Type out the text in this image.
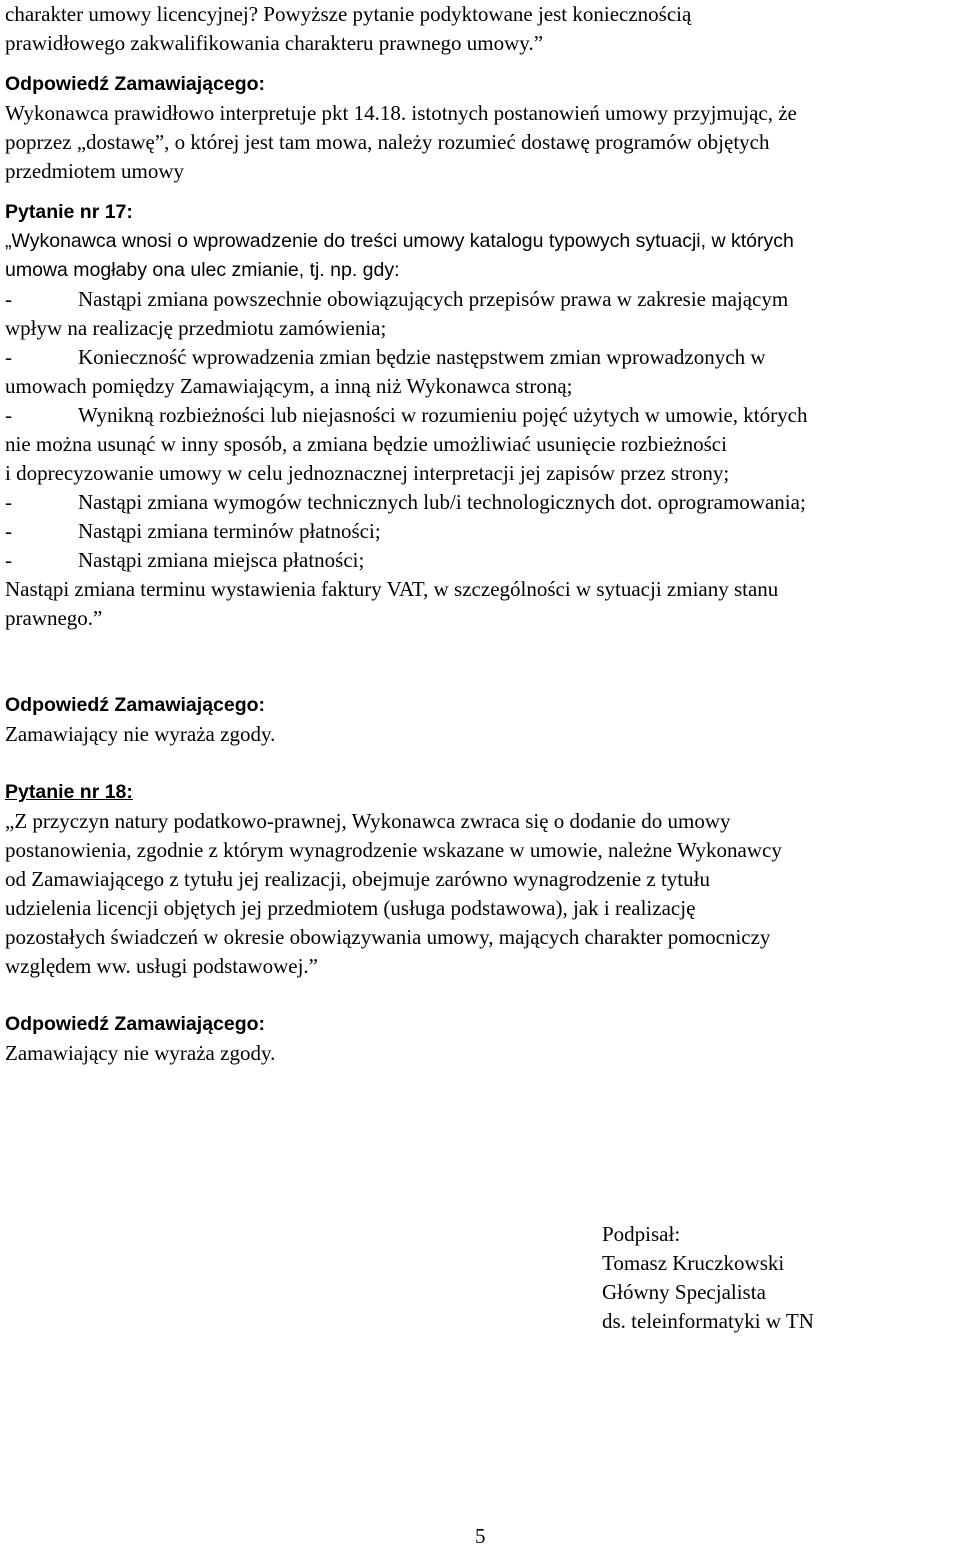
charakter umowy licencyjnej? Powyższe pytanie podyktowane jest koniecznością
prawidłowego zakwalifikowania charakteru prawnego umowy.”
Odpowiedź Zamawiającego:
Wykonawca prawidłowo interpretuje pkt 14.18. istotnych postanowień umowy przyjmując, że
poprzez „dostawę”, o której jest tam mowa, należy rozumieć dostawę programów objętych
przedmiotem umowy
Pytanie nr 17:
„Wykonawca wnosi o wprowadzenie do treści umowy katalogu typowych sytuacji, w których
umowa mogłaby ona ulec zmianie, tj. np. gdy:
-	Nastąpi zmiana powszechnie obowiązujących przepisów prawa w zakresie mającym
wpływ na realizację przedmiotu zamówienia;
-	Konieczność wprowadzenia zmian będzie następstwem zmian wprowadzonych w
umowach pomiędzy Zamawiającym, a inną niż Wykonawca stroną;
-	Wynikną rozbieżności lub niejasności w rozumieniu pojęć użytych w umowie, których
nie można usunąć w inny sposób, a zmiana będzie umożliwiać usunięcie rozbieżności
i doprecyzowanie umowy w celu jednoznacznej interpretacji jej zapisów przez strony;
-	Nastąpi zmiana wymogów technicznych lub/i technologicznych dot. oprogramowania;
-	Nastąpi zmiana terminów płatności;
-	Nastąpi zmiana miejsca płatności;
Nastąpi zmiana terminu wystawienia faktury VAT, w szczególności w sytuacji zmiany stanu
prawnego.”
Odpowiedź Zamawiającego:
Zamawiający nie wyraża zgody.
Pytanie nr 18:
„Z przyczyn natury podatkowo-prawnej, Wykonawca zwraca się o dodanie do umowy
postanowienia, zgodnie z którym wynagrodzenie wskazane w umowie, należne Wykonawcy
od Zamawiającego z tytułu jej realizacji, obejmuje zarówno wynagrodzenie z tytułu
udzielenia licencji objętych jej przedmiotem (usługa podstawowa), jak i realizację
pozostałych świadczeń w okresie obowiązywania umowy, mających charakter pomocniczy
względem ww. usługi podstawowej.”
Odpowiedź Zamawiającego:
Zamawiający nie wyraża zgody.
Podpisał:
Tomasz Kruczkowski
Główny Specjalista
ds. teleinformatyki w TN
5
